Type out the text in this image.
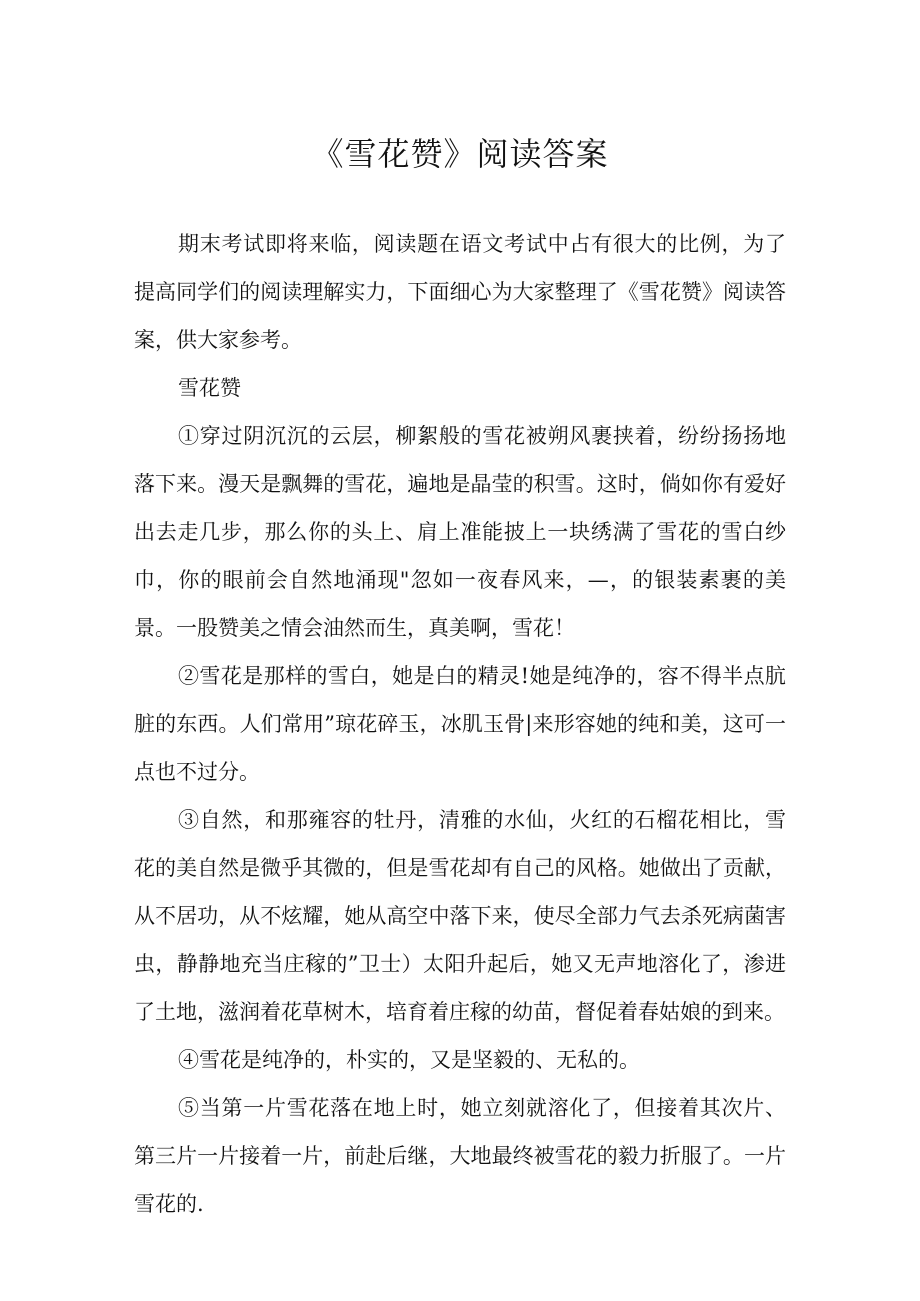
《雪花赞》阅读答案

期末考试即将来临，阅读题在语文考试中占有很大的比例，为了提高同学们的阅读理解实力，下面细心为大家整理了《雪花赞》阅读答案，供大家参考。

雪花赞

①穿过阴沉沉的云层，柳絮般的雪花被朔风裹挟着，纷纷扬扬地落下来。漫天是飘舞的雪花，遍地是晶莹的积雪。这时，倘如你有爱好出去走几步，那么你的头上、肩上准能披上一块绣满了雪花的雪白纱巾，你的眼前会自然地涌现"忽如一夜春风来，—，的银装素裹的美景。一股赞美之情会油然而生，真美啊，雪花！

②雪花是那样的雪白，她是白的精灵!她是纯净的，容不得半点肮脏的东西。人们常用”琼花碎玉，冰肌玉骨|来形容她的纯和美，这可一点也不过分。

③自然，和那雍容的牡丹，清雅的水仙，火红的石榴花相比，雪花的美自然是微乎其微的，但是雪花却有自己的风格。她做出了贡献，从不居功，从不炫耀，她从高空中落下来，使尽全部力气去杀死病菌害虫，静静地充当庄稼的”卫士）太阳升起后，她又无声地溶化了，渗进了土地，滋润着花草树木，培育着庄稼的幼苗，督促着春姑娘的到来。

④雪花是纯净的，朴实的，又是坚毅的、无私的。

⑤当第一片雪花落在地上时，她立刻就溶化了，但接着其次片、第三片一片接着一片，前赴后继，大地最终被雪花的毅力折服了。一片雪花的.
